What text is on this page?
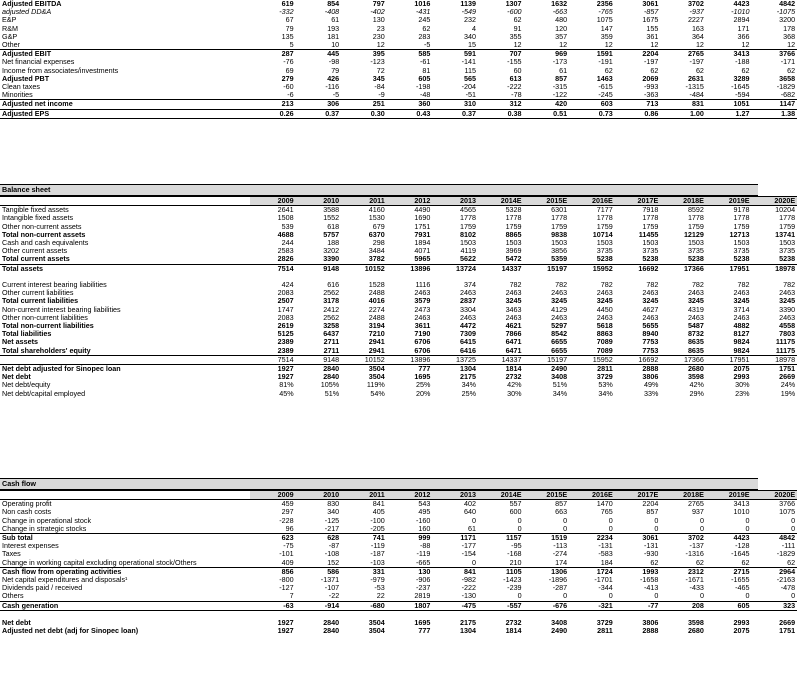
Adjusted EBITDA	619	854	797	1016	1139	1307	1632	2356	3061	3702	4423	4842
adjusted DD&A	-332	-408	-402	-431	-549	-600	-663	-765	-857	-937	-1010	-1075
E&P	67	61	130	245	232	62	480	1075	1675	2227	2894	3200
R&M	79	193	23	62	4	91	120	147	155	163	171	178
G&P	135	181	230	283	340	355	357	359	361	364	366	368
Other	5	10	12	-5	15	12	12	12	12	12	12	12
Adjusted EBIT	287	445	395	585	591	707	969	1591	2204	2765	3413	3766
Net financial expenses	-76	-98	-123	-61	-141	-155	-173	-191	-197	-197	-188	-171
Income from associates/investments	69	79	72	81	115	60	61	62	62	62	62	62
Adjusted PBT	279	426	345	605	565	613	857	1463	2069	2631	3289	3658
Clean taxes	-60	-116	-84	-198	-204	-222	-315	-615	-993	-1315	-1645	-1829
Minorities	-6	-5	-9	-48	-51	-78	-122	-245	-363	-484	-594	-682
Adjusted net income	213	306	251	360	310	312	420	603	713	831	1051	1147
Adjusted EPS	0.26	0.37	0.30	0.43	0.37	0.38	0.51	0.73	0.86	1.00	1.27	1.38
Balance sheet
	2009	2010	2011	2012	2013	2014E	2015E	2016E	2017E	2018E	2019E	2020E
Tangible fixed assets	2641	3588	4160	4490	4565	5328	6301	7177	7918	8592	9178	10204
Intangible fixed assets	1508	1552	1530	1690	1778	1778	1778	1778	1778	1778	1778	1778
Other non-current assets	539	618	679	1751	1759	1759	1759	1759	1759	1759	1759	1759
Total non-current assets	4688	5757	6370	7931	8102	8865	9838	10714	11455	12129	12713	13741
Cash and cash equivalents	244	188	298	1894	1503	1503	1503	1503	1503	1503	1503	1503
Other current assets	2583	3202	3484	4071	4119	3969	3856	3735	3735	3735	3735	3735
Total current assets	2826	3390	3782	5965	5622	5472	5359	5238	5238	5238	5238	5238
Total assets	7514	9148	10152	13896	13724	14337	15197	15952	16692	17366	17951	18978

Current interest bearing liabilities	424	616	1528	1116	374	782	782	782	782	782	782	782
Other current liabilities	2083	2562	2488	2463	2463	2463	2463	2463	2463	2463	2463	2463
Total current liabilities	2507	3178	4016	3579	2837	3245	3245	3245	3245	3245	3245	3245
Non-current interest bearing liabilities	1747	2412	2274	2473	3304	3463	4129	4450	4627	4319	3714	3390
Other non-current liabilities	2083	2562	2488	2463	2463	2463	2463	2463	2463	2463	2463	2463
Total non-current liabilities	2619	3258	3194	3611	4472	4621	5297	5618	5655	5487	4882	4558
Total liabilities	5125	6437	7210	7190	7309	7866	8542	8863	8940	8732	8127	7803
Net assets	2389	2711	2941	6706	6415	6471	6655	7089	7753	8635	9824	11175
Total shareholders' equity	2389	2711	2941	6706	6416	6471	6655	7089	7753	8635	9824	11175
	7514	9148	10152	13896	13725	14337	15197	15952	16692	17366	17951	18978
Net debt adjusted for Sinopec loan	1927	2840	3504	777	1304	1814	2490	2811	2888	2680	2075	1751
Net debt	1927	2840	3504	1695	2175	2732	3408	3729	3806	3598	2993	2669
Net debt/equity	81%	105%	119%	25%	34%	42%	51%	53%	49%	42%	30%	24%
Net debt/capital employed	45%	51%	54%	20%	25%	30%	34%	34%	33%	29%	23%	19%
Cash flow
	2009	2010	2011	2012	2013	2014E	2015E	2016E	2017E	2018E	2019E	2020E
Operating profit	459	830	841	543	402	557	857	1470	2204	2765	3413	3766
Non cash costs	297	340	405	495	640	600	663	765	857	937	1010	1075
Change in operational stock	-228	-125	-100	-160	0	0	0	0	0	0	0	0
Change in strategic stocks	96	-217	-205	160	61	0	0	0	0	0	0	0
Sub total	623	628	741	999	1171	1157	1519	2234	3061	3702	4423	4842
Interest expenses	-75	-87	-119	-88	-177	-95	-113	-131	-131	-137	-128	-111
Taxes	-101	-108	-187	-119	-154	-168	-274	-583	-930	-1316	-1645	-1829
Change in working capital excluding operational stock/Others	409	152	-103	-665	0	210	174	184	62	62	62	62
Cash flow from operating activities	856	586	331	130	841	1105	1306	1724	1993	2312	2715	2964
Net capital expenditures and disposals¹	-800	-1371	-979	-906	-982	-1423	-1896	-1701	-1658	-1671	-1655	-2163
Dividends paid / received	-127	-107	-53	-237	-222	-239	-287	-344	-413	-433	-465	-478
Others	7	-22	22	2819	-130	0	0	0	0	0	0	0
Cash generation	-63	-914	-680	1807	-475	-557	-676	-321	-77	208	605	323

Net debt	1927	2840	3504	1695	2175	2732	3408	3729	3806	3598	2993	2669
Adjusted net debt (adj for Sinopec loan)	1927	2840	3504	777	1304	1814	2490	2811	2888	2680	2075	1751
